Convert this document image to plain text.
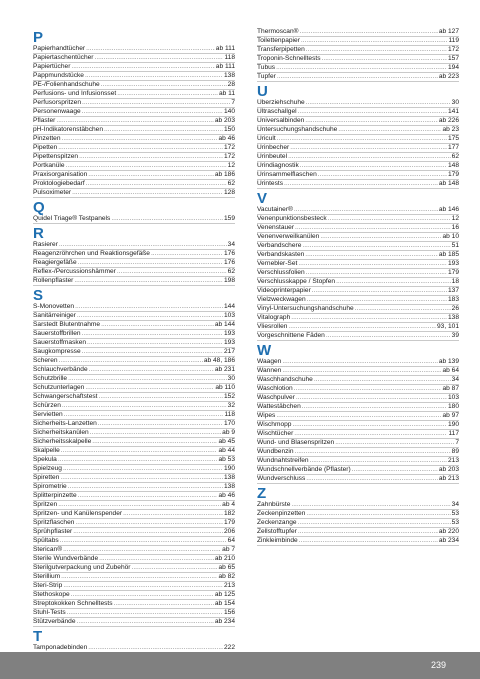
P
Papierhandtücher .....	ab 111
Papiertaschentücher .....	118
Papiertücher .....	ab 111
Pappmundstücke .....	138
PE-/Folienhandschuhe .....	28
Perfusions- und Infusionsset .....	ab 11
Perfusorspritzen .....	7
Personenwaage .....	140
Pflaster .....	ab 203
pH-Indikatorenstäbchen .....	150
Pinzetten .....	ab 46
Pipetten .....	172
Pipettenspitzen .....	172
Portkanüle .....	12
Praxisorganisation .....	ab 186
Proktologiebedarf .....	62
Pulsoximeter .....	128
Q
Quidel Triage® Testpanels .....	159
R
Rasierer .....	34
Reagenzröhrchen und Reaktionsgefäße .....	176
Reagiergefäße .....	176
Reflex-/Percussionshämmer .....	62
Rollenpflaster .....	198
S
S-Monovetten .....	144
Sanitärreiniger .....	103
Sarstedt Blutentnahme .....	ab 144
Sauerstoffbrillen .....	193
Sauerstoffmasken .....	193
Saugkompresse .....	217
Scheren .....	ab 48, 186
Schlauchverbände .....	ab 231
Schutzbrille .....	30
Schutzunterlagen .....	ab 110
Schwangerschaftstest .....	152
Schürzen .....	32
Servietten .....	118
Sicherheits-Lanzetten .....	170
Sicherheitskanülen .....	ab 9
Sicherheitsskalpelle .....	ab 45
Skalpelle .....	ab 44
Spekula .....	ab 53
Spielzeug .....	190
Spiretten .....	138
Spirometrie .....	138
Splitterpinzette .....	ab 46
Spritzen .....	ab 4
Spritzen- und Kanülenspender .....	182
Spritzflaschen .....	179
Sprühpflaster .....	206
Spültabs .....	64
Sterican® .....	ab 7
Sterile Wundverbände .....	ab 210
Sterilgutverpackung und Zubehör .....	ab 65
Sterillium .....	ab 82
Steri-Strip .....	213
Stethoskope .....	ab 125
Streptokokken Schnelltests .....	ab 154
Stuhl-Tests .....	156
Stützverbände .....	ab 234
T
Tamponadebinden .....	222
.....
.....
Thermoscan® .....	ab 127
Toilettenpapier .....	119
Transferpipetten .....	172
Troponin-Schnelltests .....	157
Tubus .....	194
Tupfer .....	ab 223
U
Überziehschuhe .....	30
Ultraschallgel .....	141
Universalbinden .....	ab 226
Untersuchungshandschuhe .....	ab 23
Uricult .....	175
Urinbecher .....	177
Urinbeutel .....	62
Urindiagnostik .....	148
Urinsammelflaschen .....	179
Urintests .....	ab 148
V
Vacutainer® .....	ab 146
Venenpunktionsbesteck .....	12
Venenstauer .....	16
Venenverweilkanülen .....	ab 10
Verbandschere .....	51
Verbandskasten .....	ab 185
Vernebler-Set .....	193
Verschlussfolien .....	179
Verschlusskappe / Stopfen .....	18
Videoprinterpapier .....	137
Vielzweckwagen .....	183
Vinyl-Untersuchungshandschuhe .....	26
Vitalograph .....	138
Vliesrollen .....	93, 101
Vorgeschnittene Fäden .....	39
W
Waagen .....	ab 139
Wannen .....	ab 64
Waschhandschuhe .....	34
Waschlotion .....	ab 87
Waschpulver .....	103
Wattestäbchen .....	180
Wipes .....	ab 97
Wischmopp .....	190
Wischtücher .....	117
Wund- und Blasenspritzen .....	7
Wundbenzin .....	89
Wundnahtstreifen .....	213
Wundschnellverbände (Pflaster) .....	ab 203
Wundverschluss .....	ab 213
Z
Zahnbürste .....	34
Zeckenpinzetten .....	53
Zeckenzange .....	53
Zellstofftupfer .....	ab 220
Zinkleimbinde .....	ab 234
239
